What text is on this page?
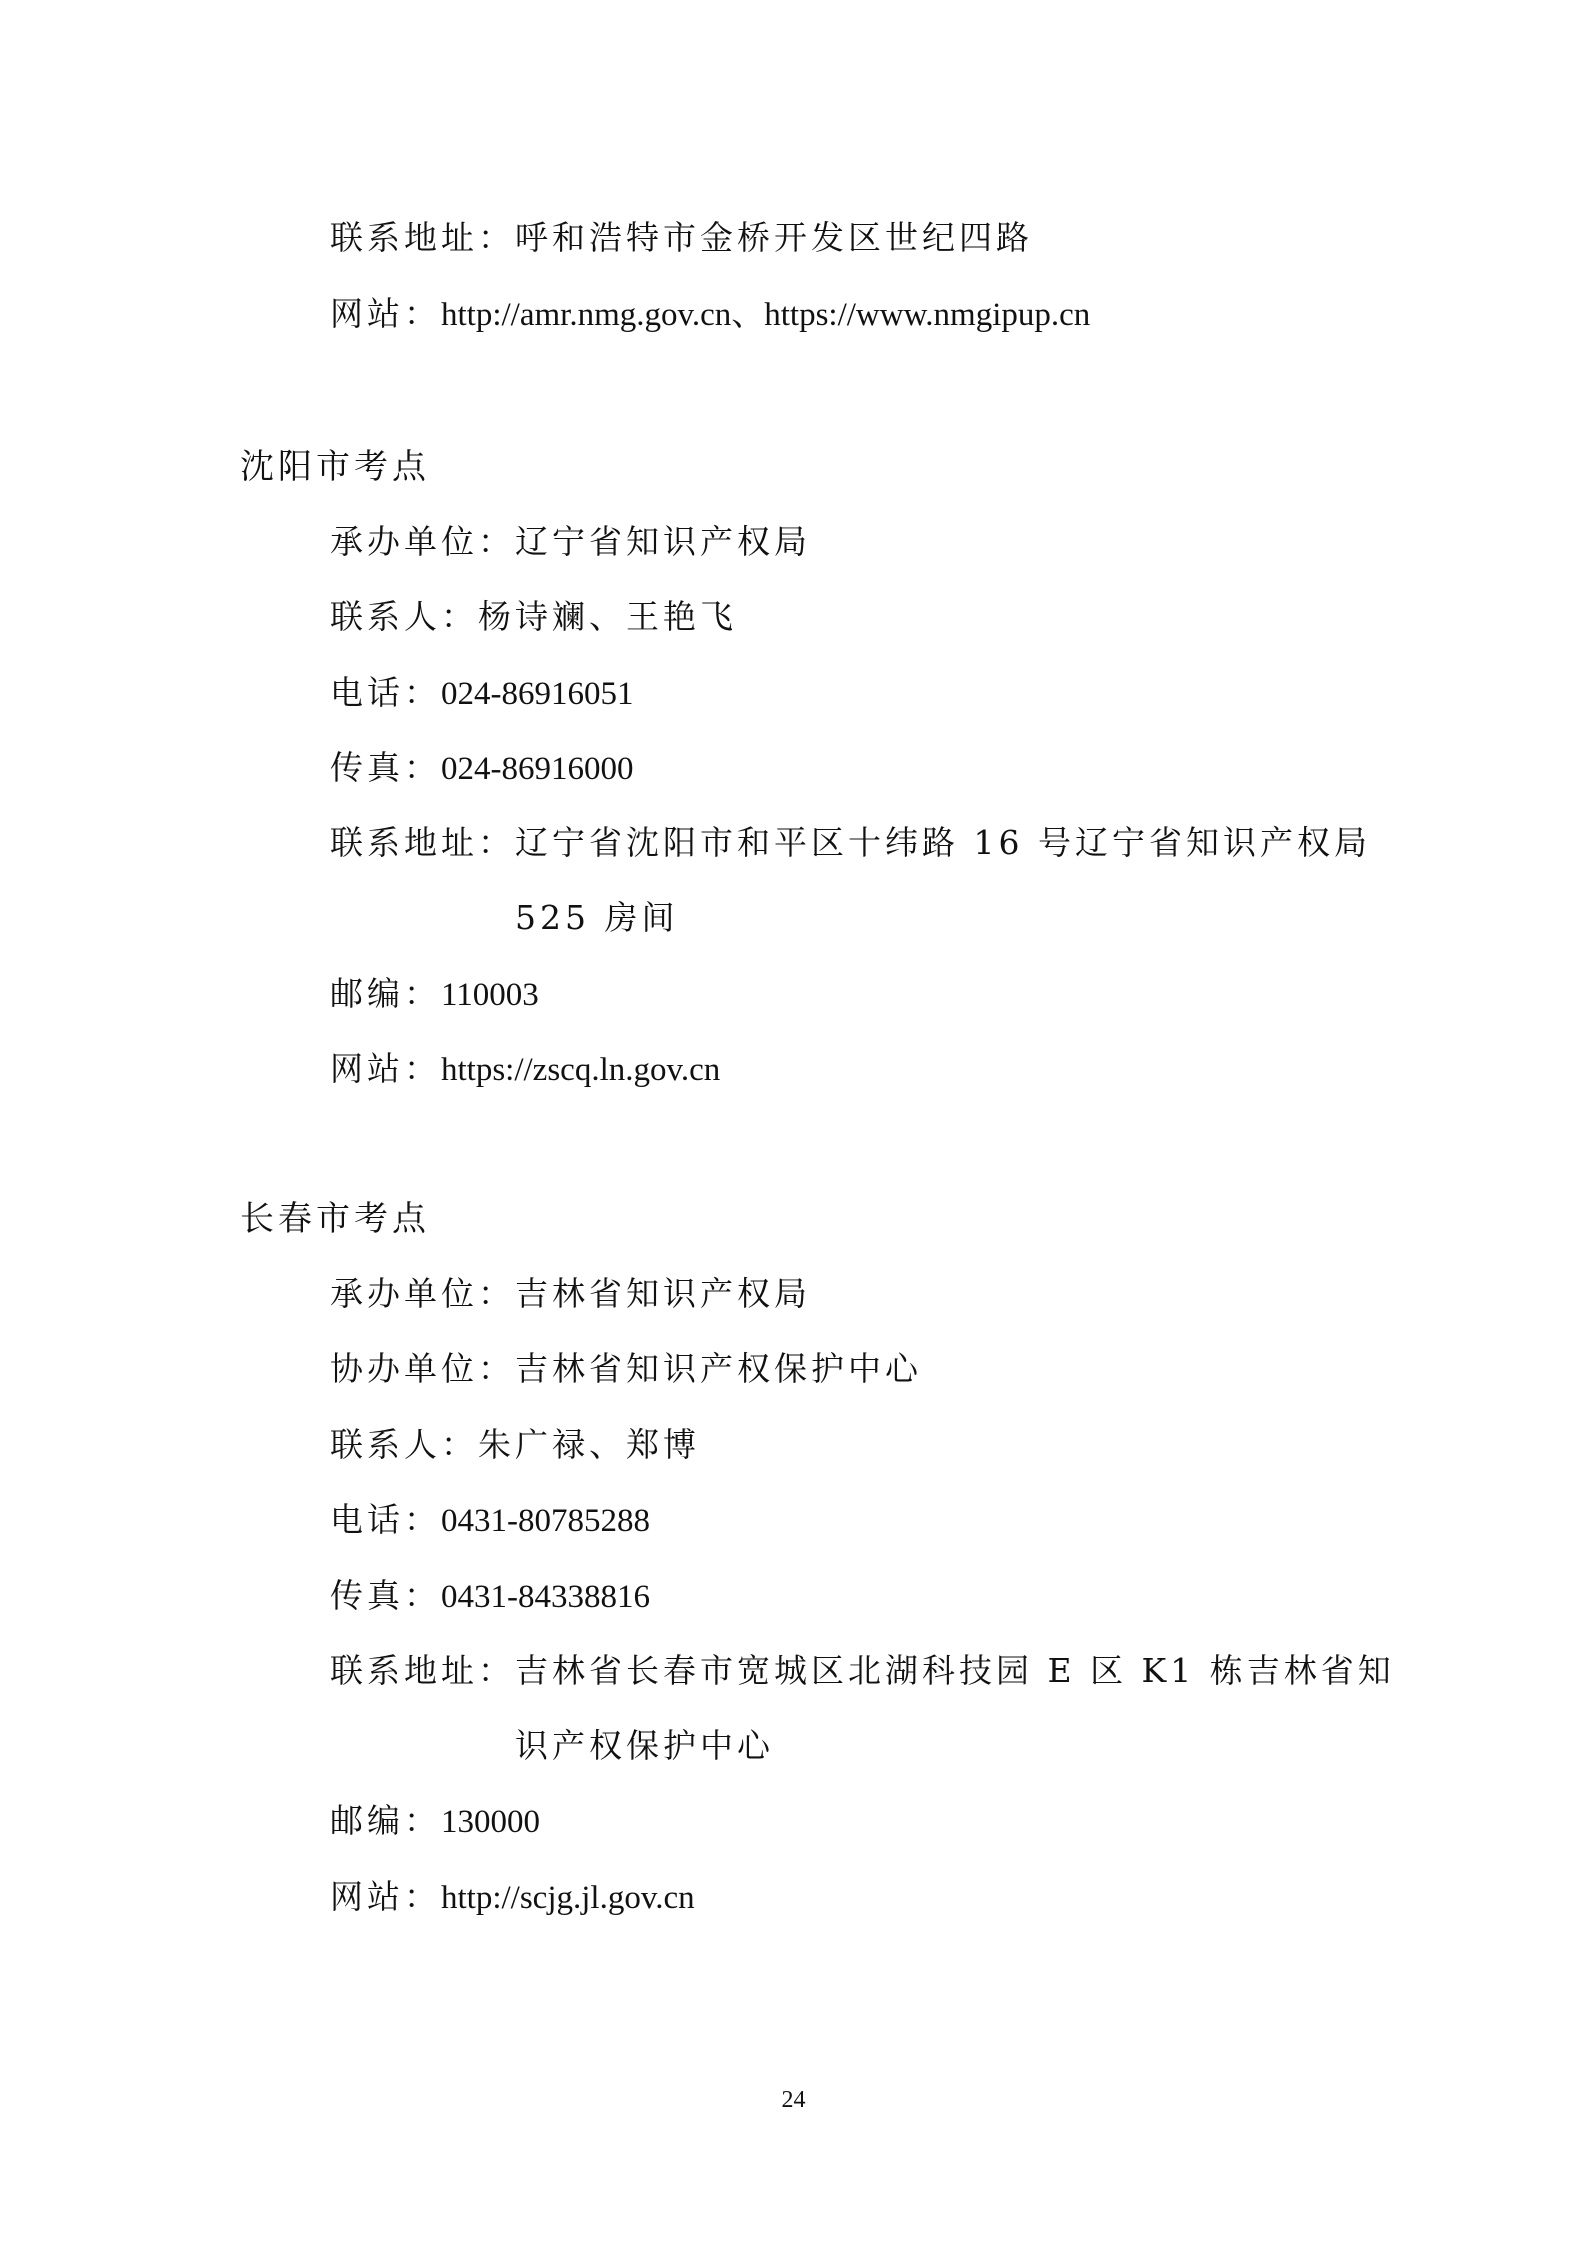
联系地址：呼和浩特市金桥开发区世纪四路
网站：http://amr.nmg.gov.cn、https://www.nmgipup.cn
沈阳市考点
承办单位：辽宁省知识产权局
联系人：杨诗斓、王艳飞
电话：024-86916051
传真：024-86916000
联系地址：辽宁省沈阳市和平区十纬路 16 号辽宁省知识产权局
525 房间
邮编：110003
网站：https://zscq.ln.gov.cn
长春市考点
承办单位：吉林省知识产权局
协办单位：吉林省知识产权保护中心
联系人：朱广禄、郑博
电话：0431-80785288
传真：0431-84338816
联系地址：吉林省长春市宽城区北湖科技园 E 区 K1 栋吉林省知
识产权保护中心
邮编：130000
网站：http://scjg.jl.gov.cn
24
